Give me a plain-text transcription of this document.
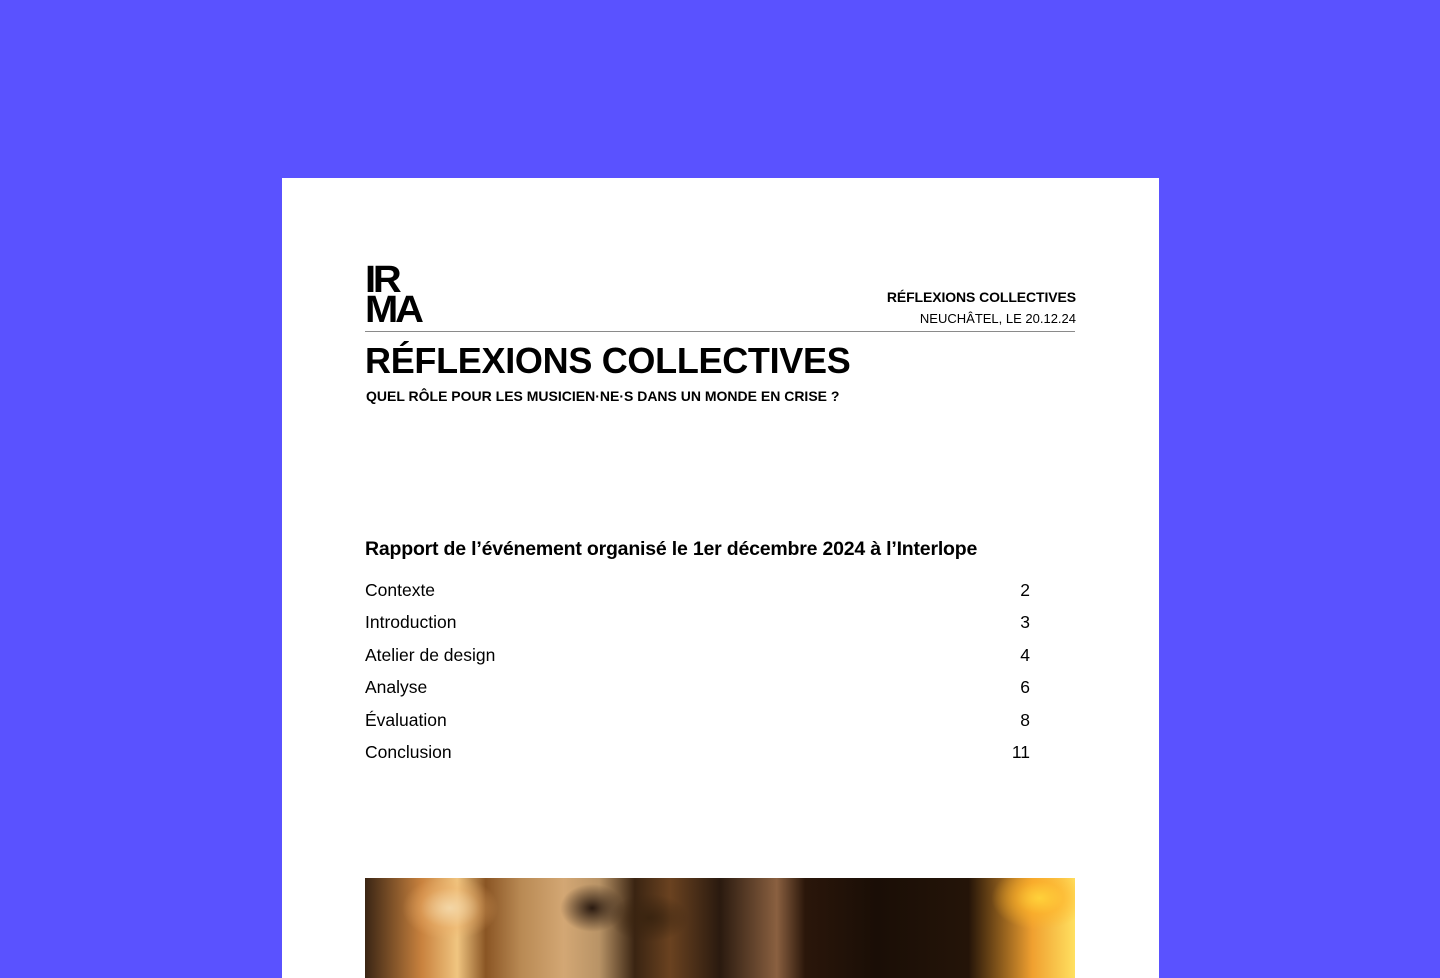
IR
MA	RÉFLEXIONS COLLECTIVES
NEUCHÂTEL, LE 20.12.24
RÉFLEXIONS COLLECTIVES
QUEL RÔLE POUR LES MUSICIEN·NE·S DANS UN MONDE EN CRISE ?
Rapport de l’événement organisé le 1er décembre 2024 à l’Interlope
Contexte	2
Introduction	3
Atelier de design	4
Analyse	6
Évaluation	8
Conclusion	11
